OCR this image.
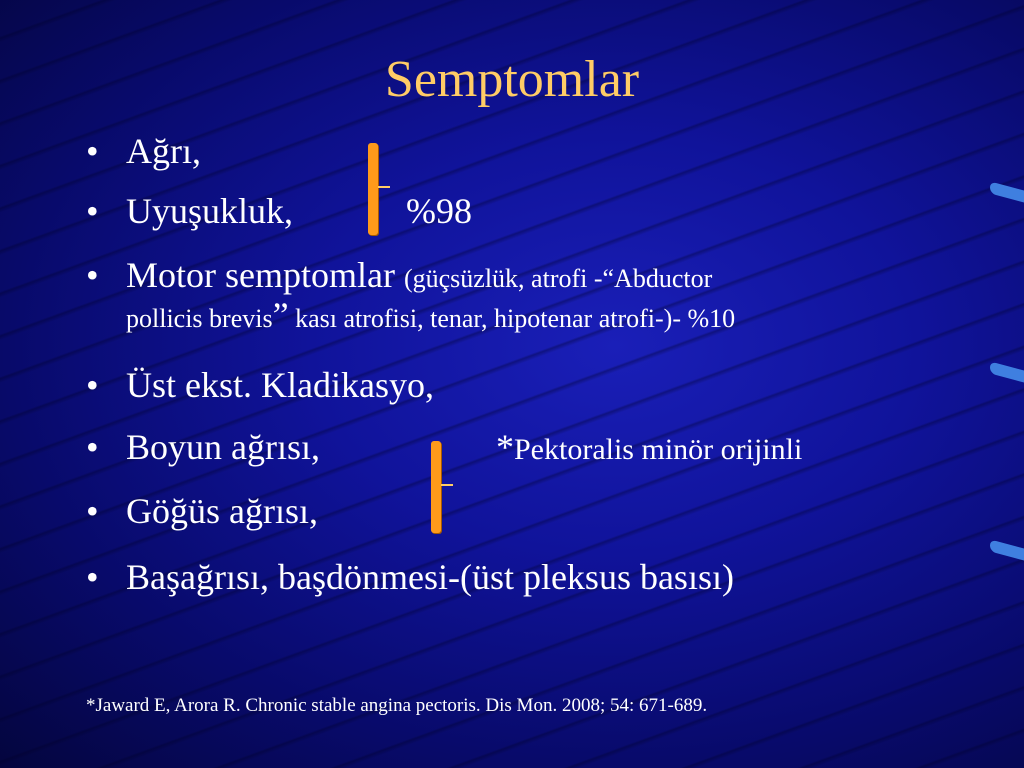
Semptomlar
• Ağrı,
• Uyuşukluk,
• Motor semptomlar (güçsüzlük, atrofi -“Abductor
pollicis brevis” kası atrofisi, tenar, hipotenar atrofi-)- %10
• Üst ekst. Kladikasyo,
• Boyun ağrısı,
• Göğüs ağrısı,
• Başağrısı, başdönmesi-(üst pleksus basısı)
%98
*Pektoralis minör orijinli
*Jaward E, Arora R. Chronic stable angina pectoris. Dis Mon. 2008; 54: 671-689.
